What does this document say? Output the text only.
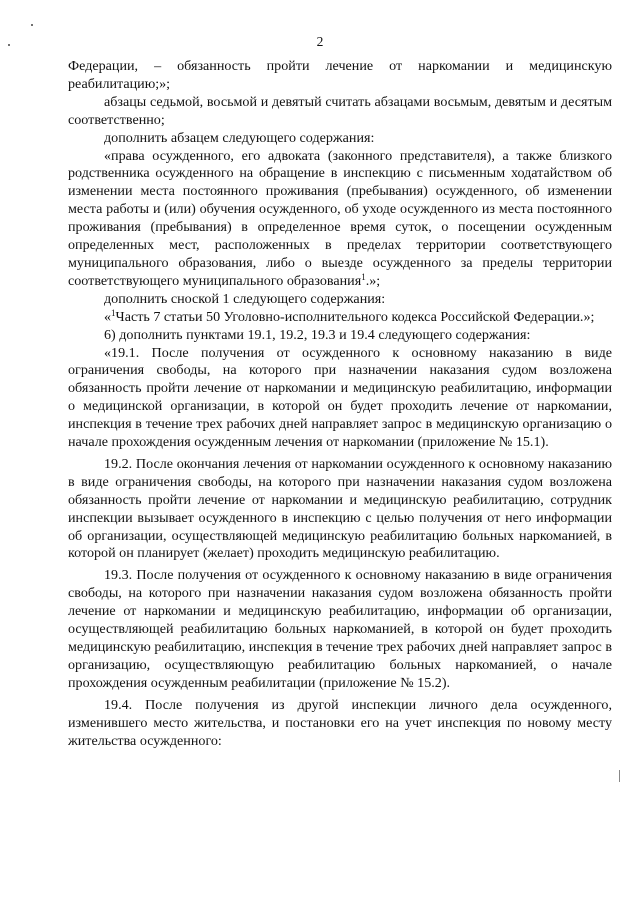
2

Федерации, – обязанность пройти лечение от наркомании и медицинскую реабилитацию;»;

абзацы седьмой, восьмой и девятый считать абзацами восьмым, девятым и десятым соответственно;

дополнить абзацем следующего содержания:

«права осужденного, его адвоката (законного представителя), а также близкого родственника осужденного на обращение в инспекцию с письменным ходатайством об изменении места постоянного проживания (пребывания) осужденного, об изменении места работы и (или) обучения осужденного, об уходе осужденного из места постоянного проживания (пребывания) в определенное время суток, о посещении осужденным определенных мест, расположенных в пределах территории соответствующего муниципального образования, либо о выезде осужденного за пределы территории соответствующего муниципального образования$^1$.»;

дополнить сноской 1 следующего содержания:

«$^1$Часть 7 статьи 50 Уголовно-исполнительного кодекса Российской Федерации.»;

6) дополнить пунктами 19.1, 19.2, 19.3 и 19.4 следующего содержания:

«19.1. После получения от осужденного к основному наказанию в виде ограничения свободы, на которого при назначении наказания судом возложена обязанность пройти лечение от наркомании и медицинскую реабилитацию, информации о медицинской организации, в которой он будет проходить лечение от наркомании, инспекция в течение трех рабочих дней направляет запрос в медицинскую организацию о начале прохождения осужденным лечения от наркомании (приложение № 15.1).

19.2. После окончания лечения от наркомании осужденного к основному наказанию в виде ограничения свободы, на которого при назначении наказания судом возложена обязанность пройти лечение от наркомании и медицинскую реабилитацию, сотрудник инспекции вызывает осужденного в инспекцию с целью получения от него информации об организации, осуществляющей медицинскую реабилитацию больных наркоманией, в которой он планирует (желает) проходить медицинскую реабилитацию.

19.3. После получения от осужденного к основному наказанию в виде ограничения свободы, на которого при назначении наказания судом возложена обязанность пройти лечение от наркомании и медицинскую реабилитацию, информации об организации, осуществляющей реабилитацию больных наркоманией, в которой он будет проходить медицинскую реабилитацию, инспекция в течение трех рабочих дней направляет запрос в организацию, осуществляющую реабилитацию больных наркоманией, о начале прохождения осужденным реабилитации (приложение № 15.2).

19.4. После получения из другой инспекции личного дела осужденного, изменившего место жительства, и постановки его на учет инспекция по новому месту жительства осужденного:
